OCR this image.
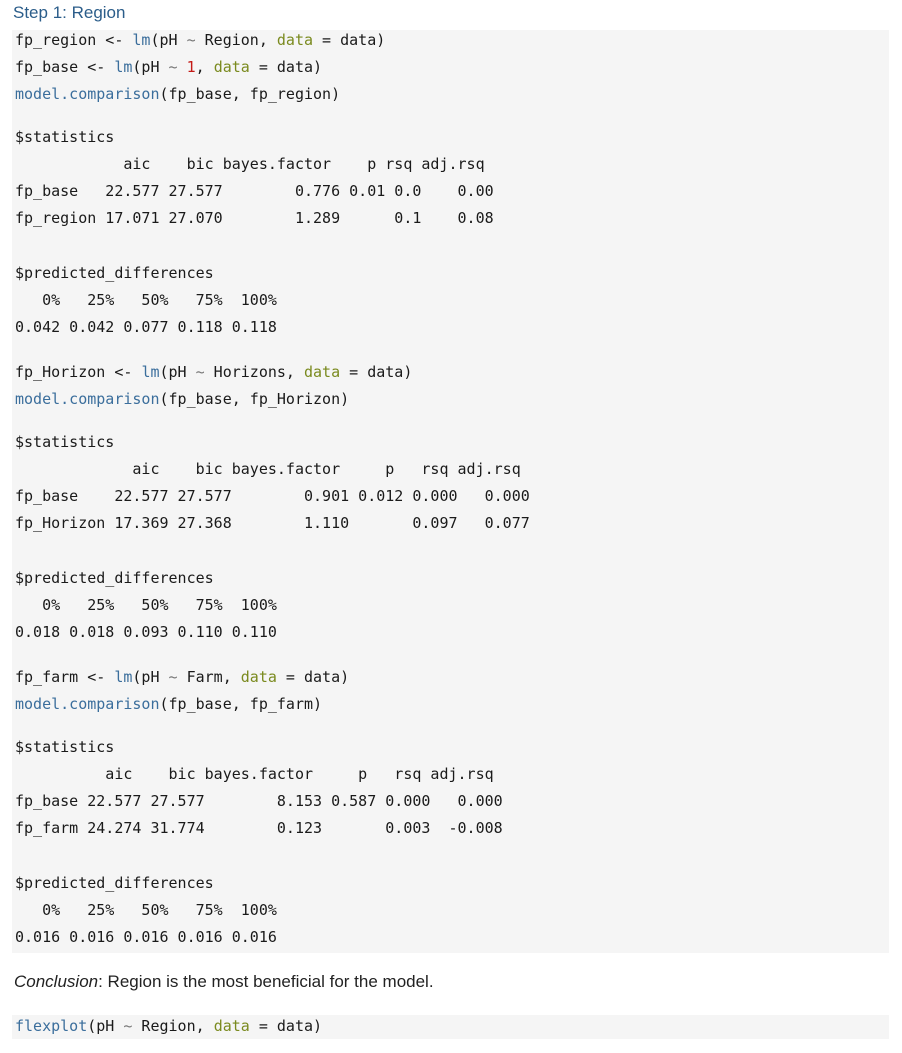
Step 1: Region
fp_region <- lm(pH ~ Region, data = data)
fp_base <- lm(pH ~ 1, data = data)
model.comparison(fp_base, fp_region)
$statistics
aic    bic bayes.factor    p rsq adj.rsq
fp_base   22.577 27.577        0.776 0.01 0.0    0.00
fp_region 17.071 27.070        1.289      0.1    0.08
$predicted_differences
0%   25%   50%   75%  100%
0.042 0.042 0.077 0.118 0.118
fp_Horizon <- lm(pH ~ Horizons, data = data)
model.comparison(fp_base, fp_Horizon)
$statistics
aic    bic bayes.factor     p   rsq adj.rsq
fp_base    22.577 27.577        0.901 0.012 0.000   0.000
fp_Horizon 17.369 27.368        1.110       0.097   0.077
$predicted_differences
0%   25%   50%   75%  100%
0.018 0.018 0.093 0.110 0.110
fp_farm <- lm(pH ~ Farm, data = data)
model.comparison(fp_base, fp_farm)
$statistics
aic    bic bayes.factor     p   rsq adj.rsq
fp_base 22.577 27.577        8.153 0.587 0.000   0.000
fp_farm 24.274 31.774        0.123       0.003  -0.008
$predicted_differences
0%   25%   50%   75%  100%
0.016 0.016 0.016 0.016 0.016
Conclusion: Region is the most beneficial for the model.
flexplot(pH ~ Region, data = data)
